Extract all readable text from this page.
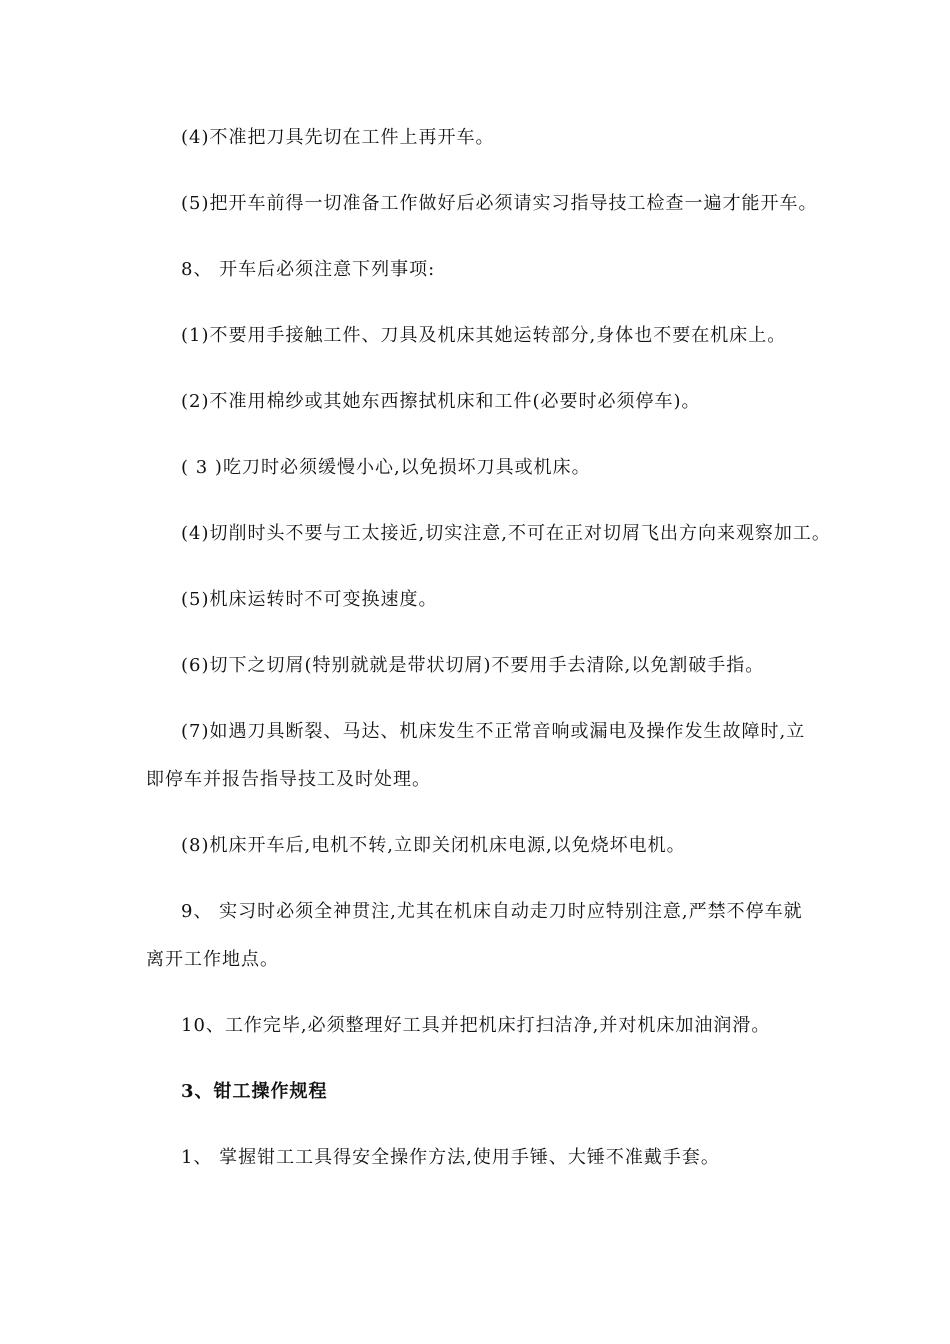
(4)不准把刀具先切在工件上再开车。
(5)把开车前得一切准备工作做好后必须请实习指导技工检查一遍才能开车。
8、 开车后必须注意下列事项:
(1)不要用手接触工件、刀具及机床其她运转部分,身体也不要在机床上。
(2)不准用棉纱或其她东西擦拭机床和工件(必要时必须停车)。
( 3 )吃刀时必须缓慢小心,以免损坏刀具或机床。
(4)切削时头不要与工太接近,切实注意,不可在正对切屑飞出方向来观察加工。
(5)机床运转时不可变换速度。
(6)切下之切屑(特别就就是带状切屑)不要用手去清除,以免割破手指。
(7)如遇刀具断裂、马达、机床发生不正常音响或漏电及操作发生故障时,立
即停车并报告指导技工及时处理。
(8)机床开车后,电机不转,立即关闭机床电源,以免烧坏电机。
9、 实习时必须全神贯注,尤其在机床自动走刀时应特别注意,严禁不停车就
离开工作地点。
10、工作完毕,必须整理好工具并把机床打扫洁净,并对机床加油润滑。
3、钳工操作规程
1、 掌握钳工工具得安全操作方法,使用手锤、大锤不准戴手套。
